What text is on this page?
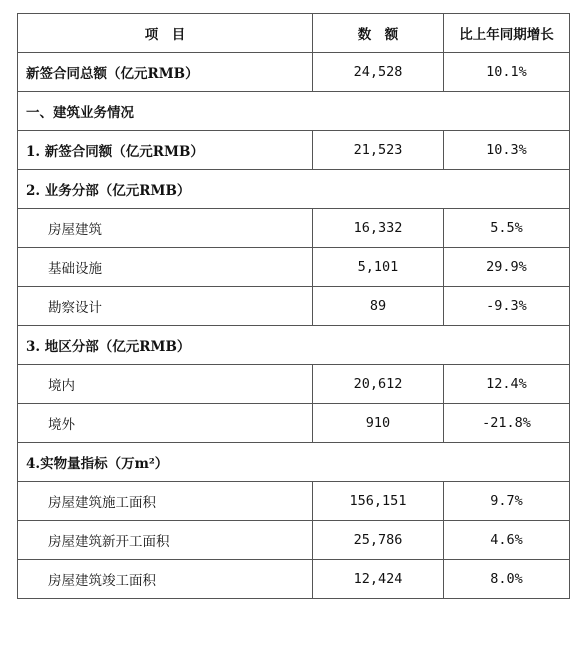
项　目	数　额	比上年同期增长
新签合同总额（亿元RMB）	24,528	10.1%
一、建筑业务情况		
1. 新签合同额（亿元RMB）	21,523	10.3%
2. 业务分部（亿元RMB）		
房屋建筑	16,332	5.5%
基础设施	5,101	29.9%
勘察设计	89	-9.3%
3. 地区分部（亿元RMB）		
境内	20,612	12.4%
境外	910	-21.8%
4.实物量指标（万m²）		
房屋建筑施工面积	156,151	9.7%
房屋建筑新开工面积	25,786	4.6%
房屋建筑竣工面积	12,424	8.0%
